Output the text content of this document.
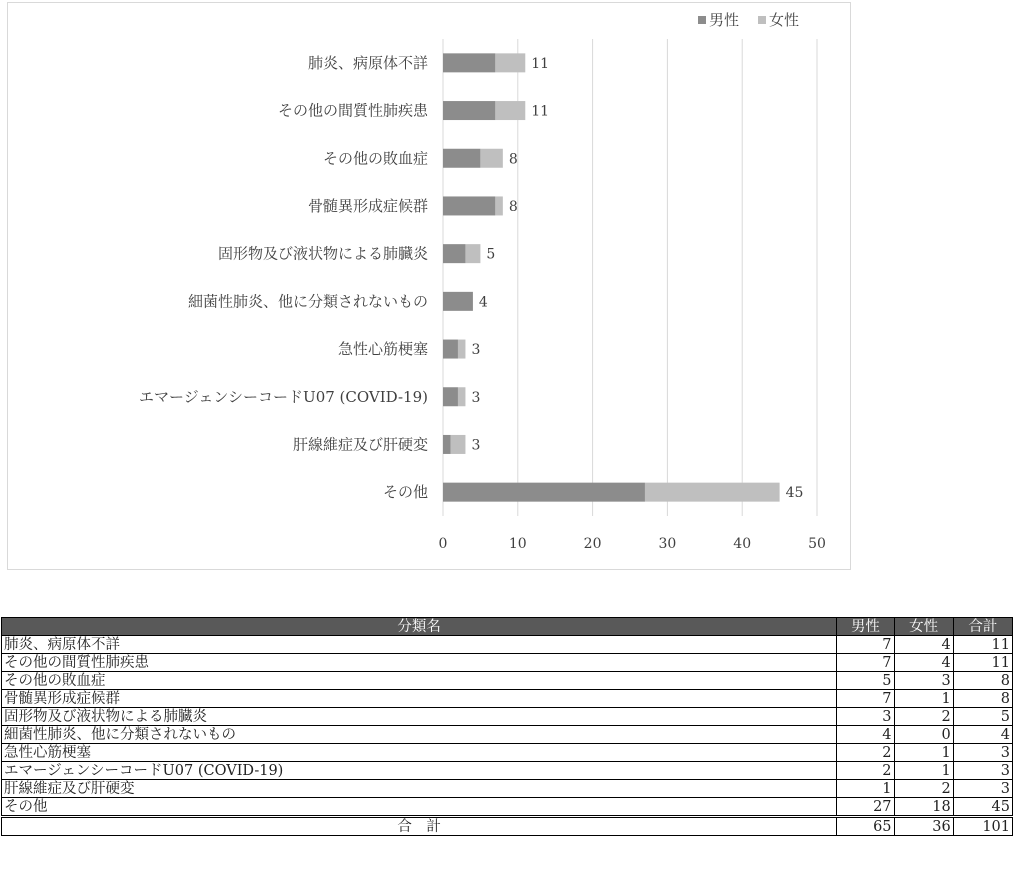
0	10	20	30	40	50
肺炎、病原体不詳	11
その他の間質性肺疾患	11
その他の敗血症	8
骨髄異形成症候群	8
固形物及び液状物による肺臓炎	5
細菌性肺炎、他に分類されないもの	4
急性心筋梗塞	3
エマージェンシーコードU07 (COVID-19)	3
肝線維症及び肝硬変	3
その他	45
男性 女性
分類名	男性	女性	合計
肺炎、病原体不詳	7	4	11
その他の間質性肺疾患	7	4	11
その他の敗血症	5	3	8
骨髄異形成症候群	7	1	8
固形物及び液状物による肺臓炎	3	2	5
細菌性肺炎、他に分類されないもの	4	0	4
急性心筋梗塞	2	1	3
エマージェンシーコードU07 (COVID-19)	2	1	3
肝線維症及び肝硬変	1	2	3
その他	27	18	45
合　計	65	36	101
